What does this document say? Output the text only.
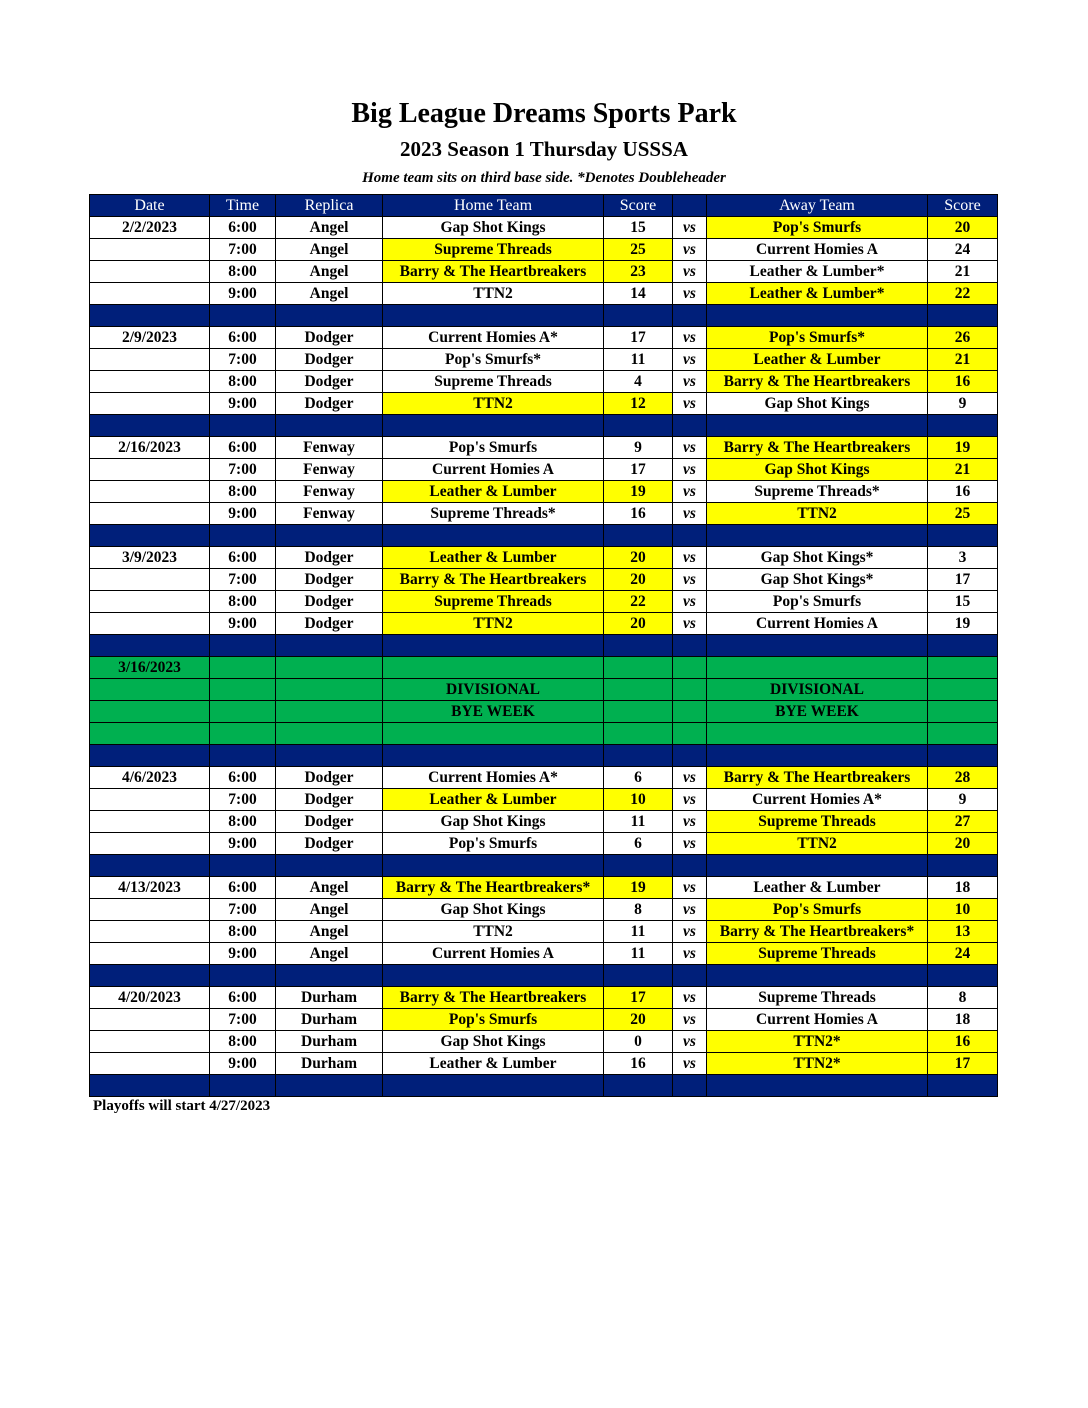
Big League Dreams Sports Park
2023 Season 1 Thursday USSSA
Home team sits on third base side. *Denotes Doubleheader
Date	Time	Replica	Home Team	Score		Away Team	Score
2/2/2023	6:00	Angel	Gap Shot Kings	15	vs	Pop's Smurfs	20
	7:00	Angel	Supreme Threads	25	vs	Current Homies A	24
	8:00	Angel	Barry & The Heartbreakers	23	vs	Leather & Lumber*	21
	9:00	Angel	TTN2	14	vs	Leather & Lumber*	22

2/9/2023	6:00	Dodger	Current Homies A*	17	vs	Pop's Smurfs*	26
	7:00	Dodger	Pop's Smurfs*	11	vs	Leather & Lumber	21
	8:00	Dodger	Supreme Threads	4	vs	Barry & The Heartbreakers	16
	9:00	Dodger	TTN2	12	vs	Gap Shot Kings	9

2/16/2023	6:00	Fenway	Pop's Smurfs	9	vs	Barry & The Heartbreakers	19
	7:00	Fenway	Current Homies A	17	vs	Gap Shot Kings	21
	8:00	Fenway	Leather & Lumber	19	vs	Supreme Threads*	16
	9:00	Fenway	Supreme Threads*	16	vs	TTN2	25

3/9/2023	6:00	Dodger	Leather & Lumber	20	vs	Gap Shot Kings*	3
	7:00	Dodger	Barry & The Heartbreakers	20	vs	Gap Shot Kings*	17
	8:00	Dodger	Supreme Threads	22	vs	Pop's Smurfs	15
	9:00	Dodger	TTN2	20	vs	Current Homies A	19

3/16/2023							
			DIVISIONAL			DIVISIONAL	
			BYE WEEK			BYE WEEK	

4/6/2023	6:00	Dodger	Current Homies A*	6	vs	Barry & The Heartbreakers	28
	7:00	Dodger	Leather & Lumber	10	vs	Current Homies A*	9
	8:00	Dodger	Gap Shot Kings	11	vs	Supreme Threads	27
	9:00	Dodger	Pop's Smurfs	6	vs	TTN2	20

4/13/2023	6:00	Angel	Barry & The Heartbreakers*	19	vs	Leather & Lumber	18
	7:00	Angel	Gap Shot Kings	8	vs	Pop's Smurfs	10
	8:00	Angel	TTN2	11	vs	Barry & The Heartbreakers*	13
	9:00	Angel	Current Homies A	11	vs	Supreme Threads	24

4/20/2023	6:00	Durham	Barry & The Heartbreakers	17	vs	Supreme Threads	8
	7:00	Durham	Pop's Smurfs	20	vs	Current Homies A	18
	8:00	Durham	Gap Shot Kings	0	vs	TTN2*	16
	9:00	Durham	Leather & Lumber	16	vs	TTN2*	17

Playoffs will start 4/27/2023
